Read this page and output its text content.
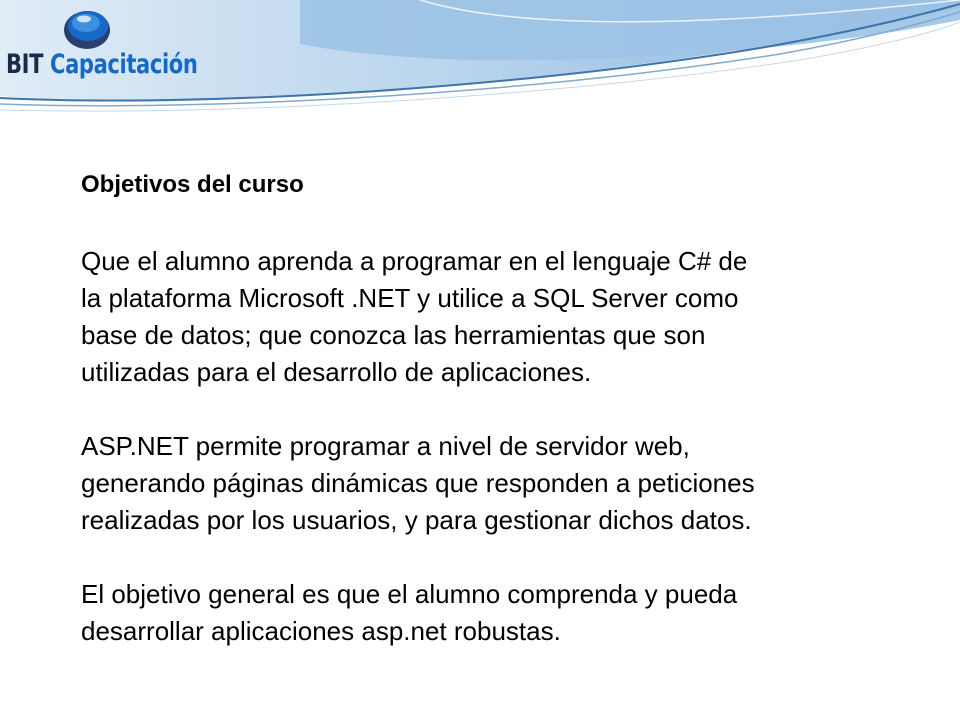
BIT Capacitación
Objetivos del curso

Que el alumno aprenda a programar en el lenguaje C# de
la plataforma Microsoft .NET y utilice a SQL Server como
base de datos; que conozca las herramientas que son
utilizadas para el desarrollo de aplicaciones.

ASP.NET permite programar a nivel de servidor web,
generando páginas dinámicas que responden a peticiones
realizadas por los usuarios, y para gestionar dichos datos.

El objetivo general es que el alumno comprenda y pueda
desarrollar aplicaciones asp.net robustas.
